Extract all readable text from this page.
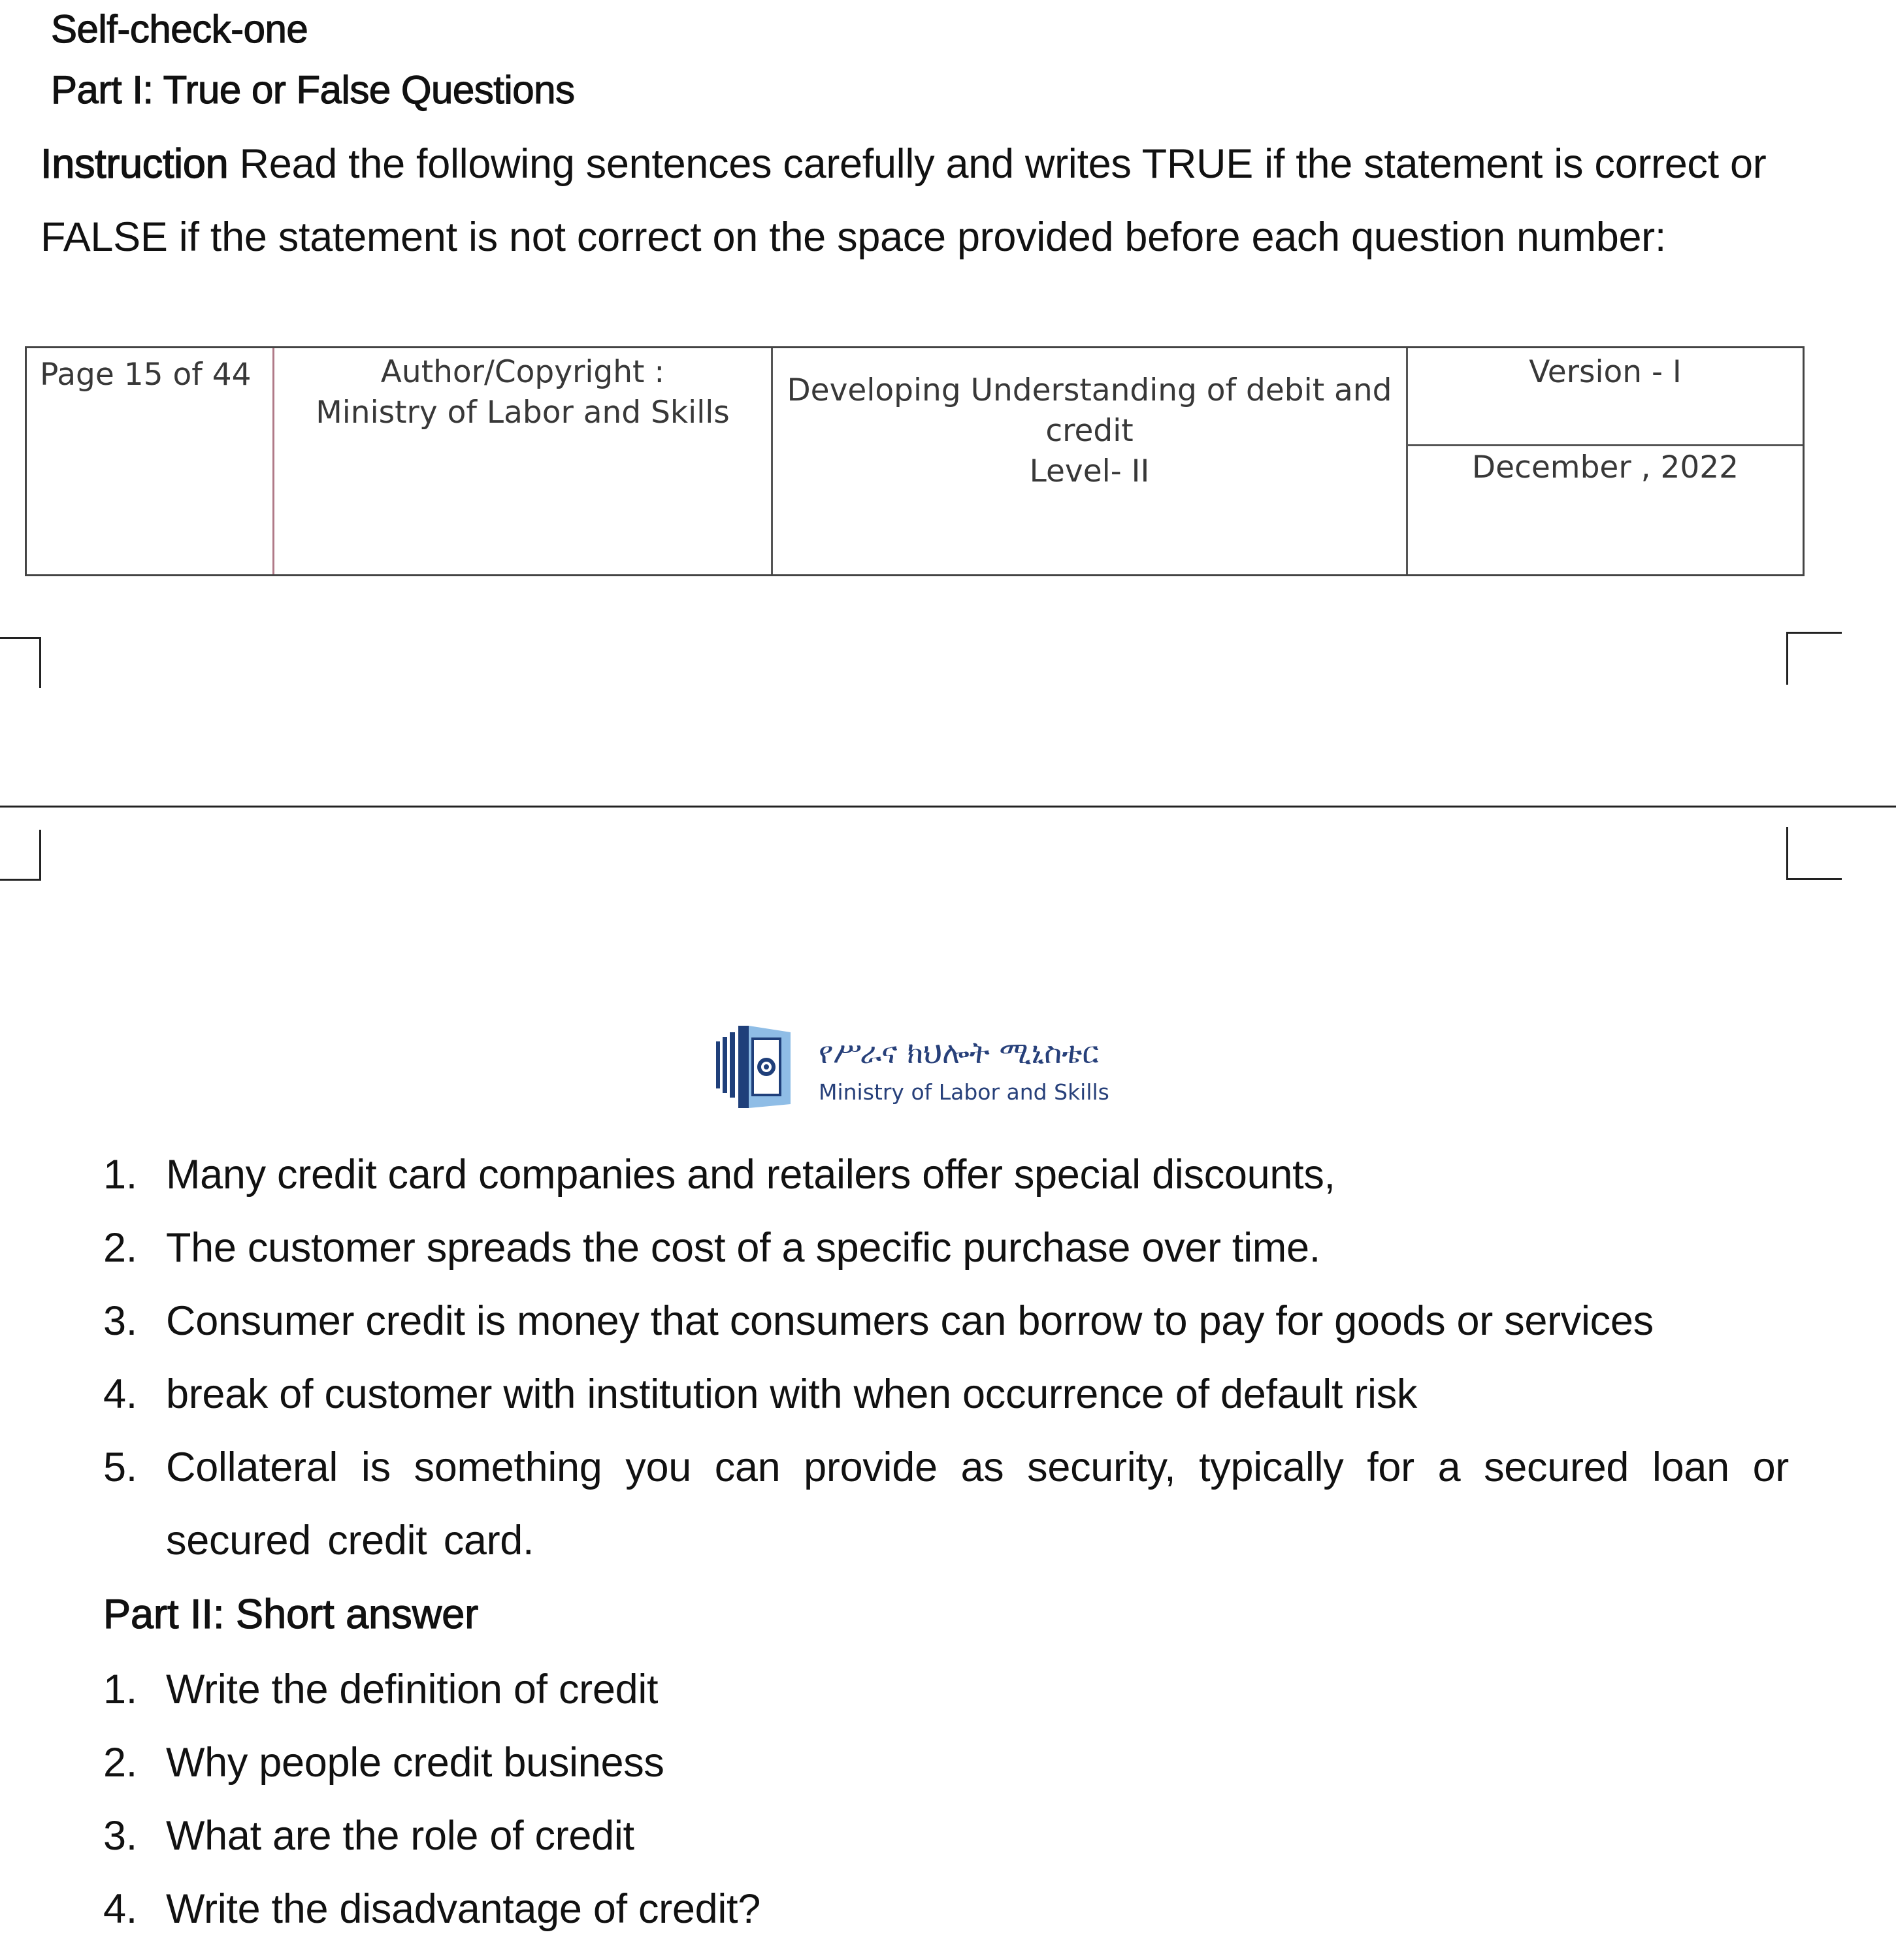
Self-check-one
Part I: True or False Questions
Instruction Read the following sentences carefully and writes TRUE if the statement is correct or FALSE if the statement is not correct on the space provided before each question number:
Page 15 of 44	Author/Copyright :
Ministry of Labor and Skills
Developing Understanding of debit and credit
Level- II
Version - I
December , 2022
የሥራና ክህሎት ሚኒስቴር
Ministry of Labor and Skills
1. Many credit card companies and retailers offer special discounts,
2. The customer spreads the cost of a specific purchase over time.
3. Consumer credit is money that consumers can borrow to pay for goods or services
4. break of customer with institution with when occurrence of default risk
5. Collateral is something you can provide as security, typically for a secured loan or secured credit card.
Part II: Short answer
1. Write the definition of credit
2. Why people credit business
3. What are the role of credit
4. Write the disadvantage of credit?
